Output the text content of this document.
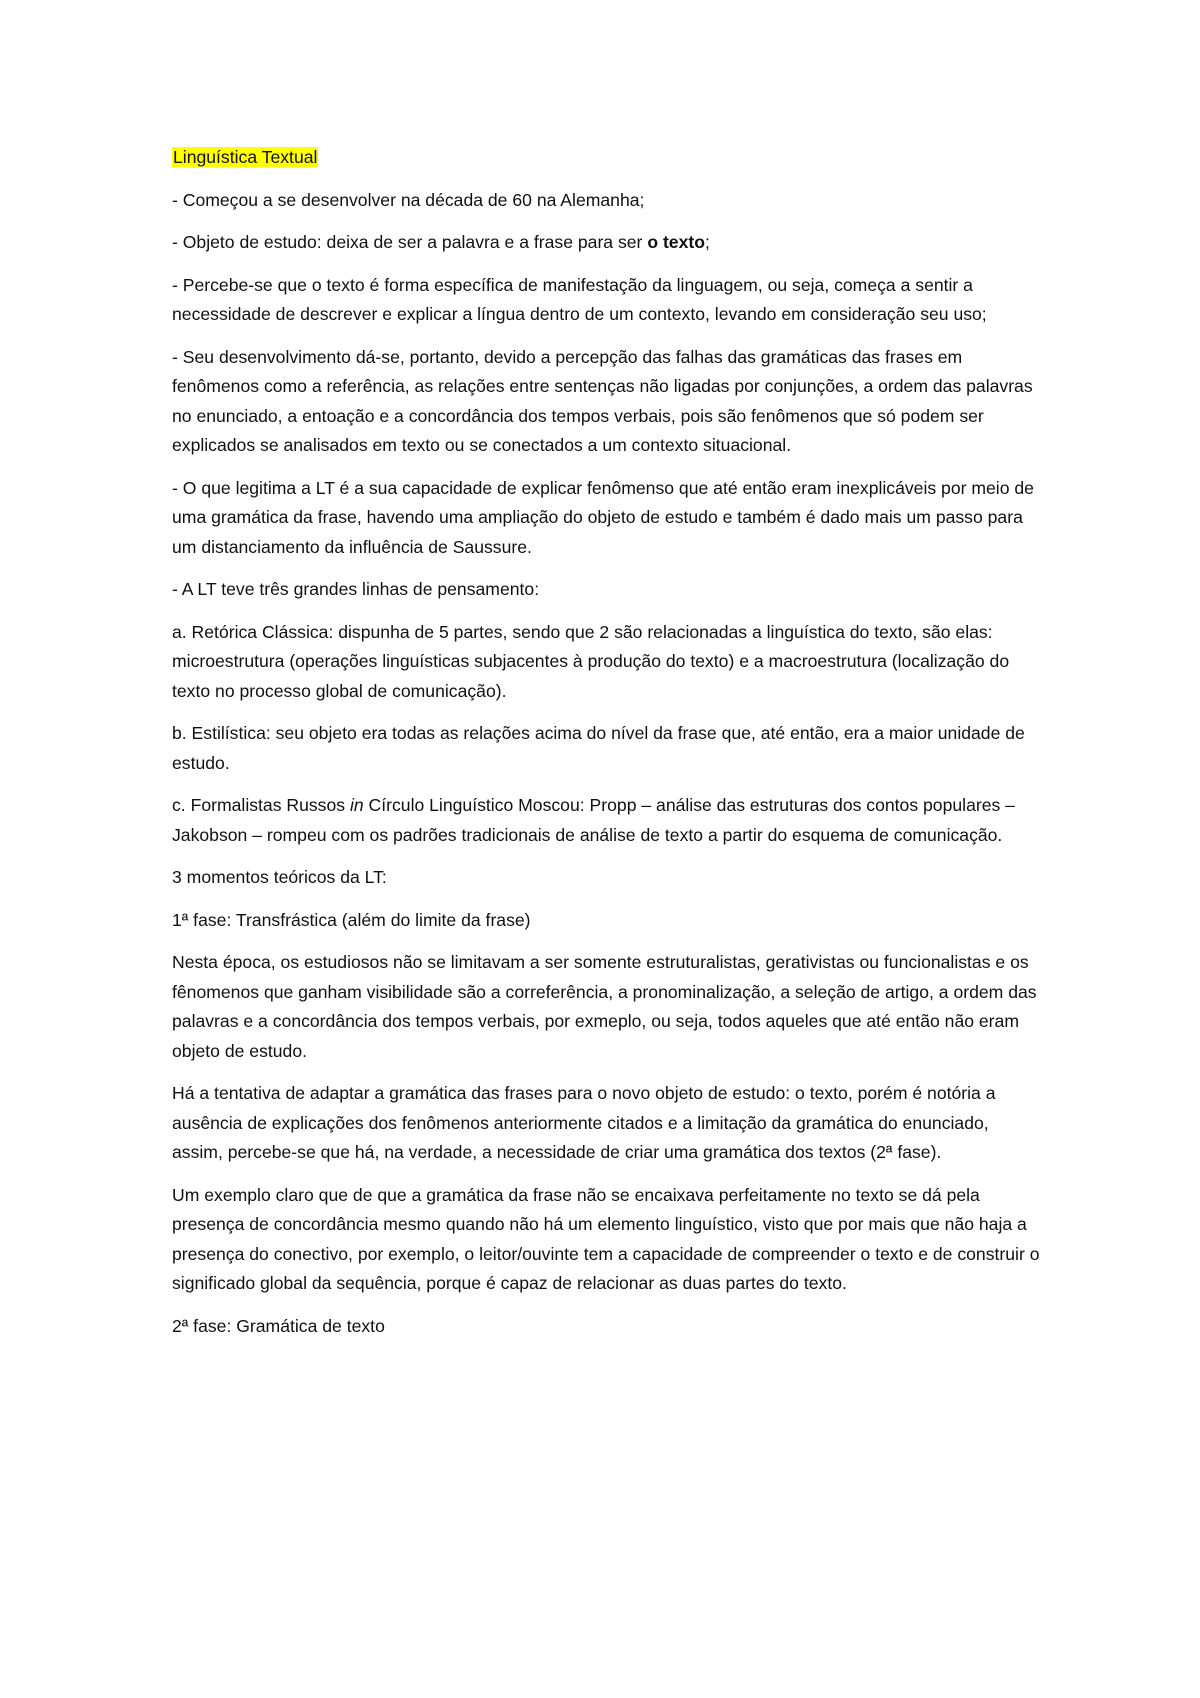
Linguística Textual

- Começou a se desenvolver na década de 60 na Alemanha;

- Objeto de estudo: deixa de ser a palavra e a frase para ser o texto;

- Percebe-se que o texto é forma específica de manifestação da linguagem, ou seja, começa a sentir a necessidade de descrever e explicar a língua dentro de um contexto, levando em consideração seu uso;

- Seu desenvolvimento dá-se, portanto, devido a percepção das falhas das gramáticas das frases em fenômenos como a referência, as relações entre sentenças não ligadas por conjunções, a ordem das palavras no enunciado, a entoação e a concordância dos tempos verbais, pois são fenômenos que só podem ser explicados se analisados em texto ou se conectados a um contexto situacional.

- O que legitima a LT é a sua capacidade de explicar fenômenso que até então eram inexplicáveis por meio de uma gramática da frase, havendo uma ampliação do objeto de estudo e também é dado mais um passo para um distanciamento da influência de Saussure.

- A LT teve três grandes linhas de pensamento:

a. Retórica Clássica: dispunha de 5 partes, sendo que 2 são relacionadas a linguística do texto, são elas: microestrutura (operações linguísticas subjacentes à produção do texto) e a macroestrutura (localização do texto no processo global de comunicação).

b. Estilística: seu objeto era todas as relações acima do nível da frase que, até então, era a maior unidade de estudo.

c. Formalistas Russos in Círculo Linguístico Moscou: Propp – análise das estruturas dos contos populares – Jakobson – rompeu com os padrões tradicionais de análise de texto a partir do esquema de comunicação.

3 momentos teóricos da LT:

1ª fase: Transfrástica (além do limite da frase)

Nesta época, os estudiosos não se limitavam a ser somente estruturalistas, gerativistas ou funcionalistas e os fênomenos que ganham visibilidade são a correferência, a pronominalização, a seleção de artigo, a ordem das palavras e a concordância dos tempos verbais, por exmeplo, ou seja, todos aqueles que até então não eram objeto de estudo.

Há a tentativa de adaptar a gramática das frases para o novo objeto de estudo: o texto, porém é notória a ausência de explicações dos fenômenos anteriormente citados e a limitação da gramática do enunciado, assim, percebe-se que há, na verdade, a necessidade de criar uma gramática dos textos (2ª fase).

Um exemplo claro que de que a gramática da frase não se encaixava perfeitamente no texto se dá pela presença de concordância mesmo quando não há um elemento linguístico, visto que por mais que não haja a presença do conectivo, por exemplo, o leitor/ouvinte tem a capacidade de compreender o texto e de construir o significado global da sequência, porque é capaz de relacionar as duas partes do texto.

2ª fase: Gramática de texto
